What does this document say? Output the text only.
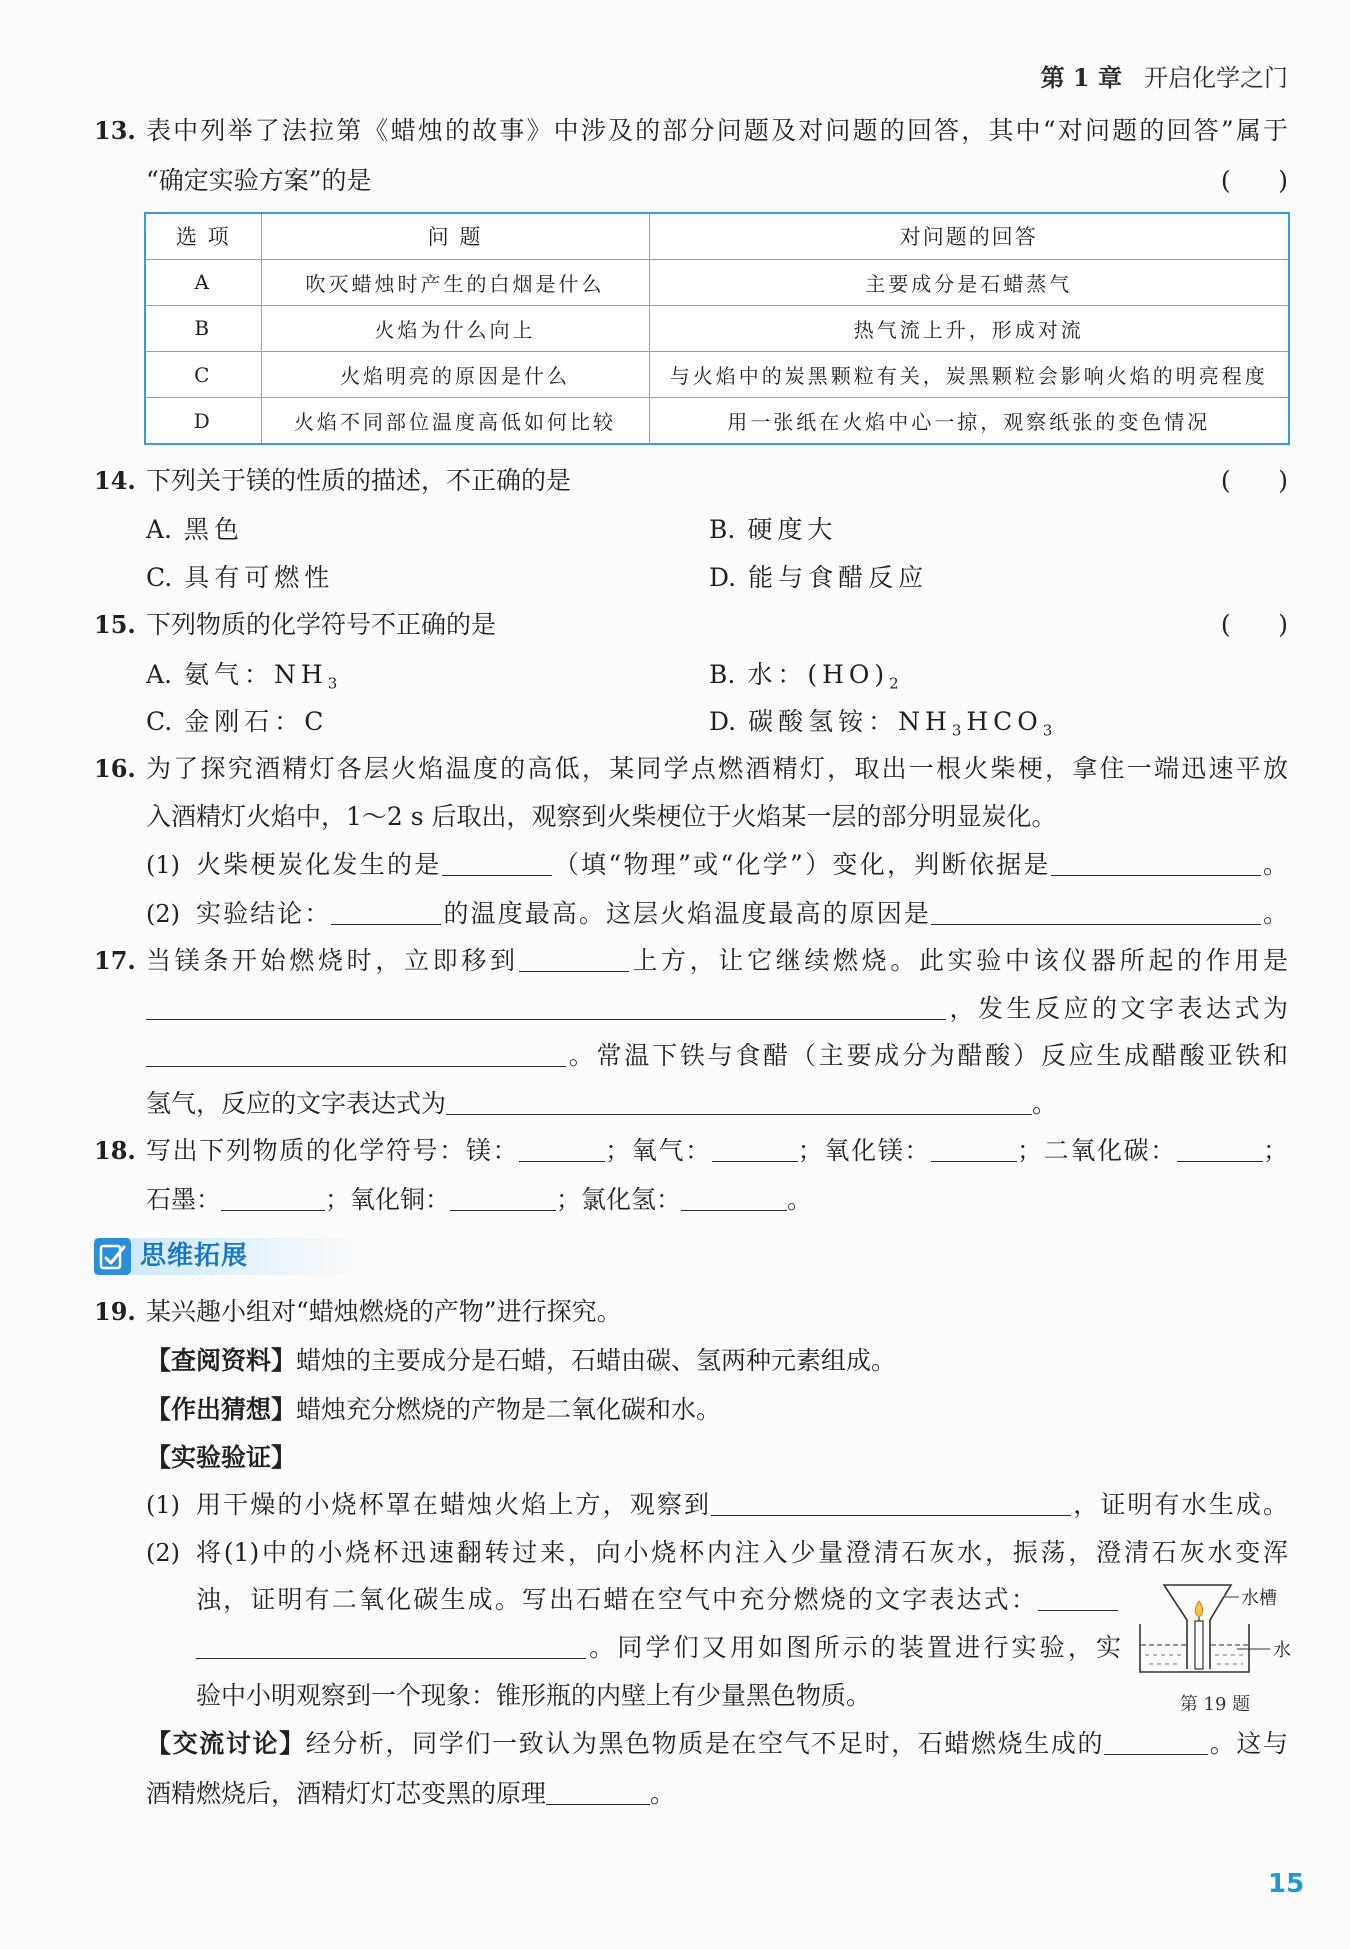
第 1 章 开启化学之门
13. 表中列举了法拉第《蜡烛的故事》中涉及的部分问题及对问题的回答，其中“对问题的回答”属于
“确定实验方案”的是	(      )
选 项	问 题	对问题的回答
A	吹灭蜡烛时产生的白烟是什么	主要成分是石蜡蒸气
B	火焰为什么向上	热气流上升，形成对流
C	火焰明亮的原因是什么	与火焰中的炭黑颗粒有关，炭黑颗粒会影响火焰的明亮程度
D	火焰不同部位温度高低如何比较	用一张纸在火焰中心一掠，观察纸张的变色情况
14. 下列关于镁的性质的描述，不正确的是	(      )
A. 黑色	B. 硬度大
C. 具有可燃性	D. 能与食醋反应
15. 下列物质的化学符号不正确的是	(      )
A. 氨气：$NH_3$	B. 水：$(HO)_2$
C. 金刚石：C	D. 碳酸氢铵：$NH_3HCO_3$
16. 为了探究酒精灯各层火焰温度的高低，某同学点燃酒精灯，取出一根火柴梗，拿住一端迅速平放
入酒精灯火焰中，1～2 s 后取出，观察到火柴梗位于火焰某一层的部分明显炭化。
(1) 火柴梗炭化发生的是	（填“物理”或“化学”）变化，判断依据是	。
(2) 实验结论：	的温度最高。这层火焰温度最高的原因是	。
17. 当镁条开始燃烧时，立即移到	上方，让它继续燃烧。此实验中该仪器所起的作用是
，发生反应的文字表达式为
。常温下铁与食醋（主要成分为醋酸）反应生成醋酸亚铁和
氢气，反应的文字表达式为	。
18. 写出下列物质的化学符号：镁：	；氧气：	；氧化镁：	；二氧化碳：	；
石墨：	；氧化铜：	；氯化氢：	。
思维拓展
19. 某兴趣小组对“蜡烛燃烧的产物”进行探究。
【查阅资料】蜡烛的主要成分是石蜡，石蜡由碳、氢两种元素组成。
【作出猜想】蜡烛充分燃烧的产物是二氧化碳和水。
【实验验证】
(1) 用干燥的小烧杯罩在蜡烛火焰上方，观察到	，证明有水生成。
(2) 将(1)中的小烧杯迅速翻转过来，向小烧杯内注入少量澄清石灰水，振荡，澄清石灰水变浑
浊，证明有二氧化碳生成。写出石蜡在空气中充分燃烧的文字表达式：
。同学们又用如图所示的装置进行实验，实
验中小明观察到一个现象：锥形瓶的内壁上有少量黑色物质。
水槽
水
第 19 题
【交流讨论】经分析，同学们一致认为黑色物质是在空气不足时，石蜡燃烧生成的	。这与
酒精燃烧后，酒精灯灯芯变黑的原理	。
15
